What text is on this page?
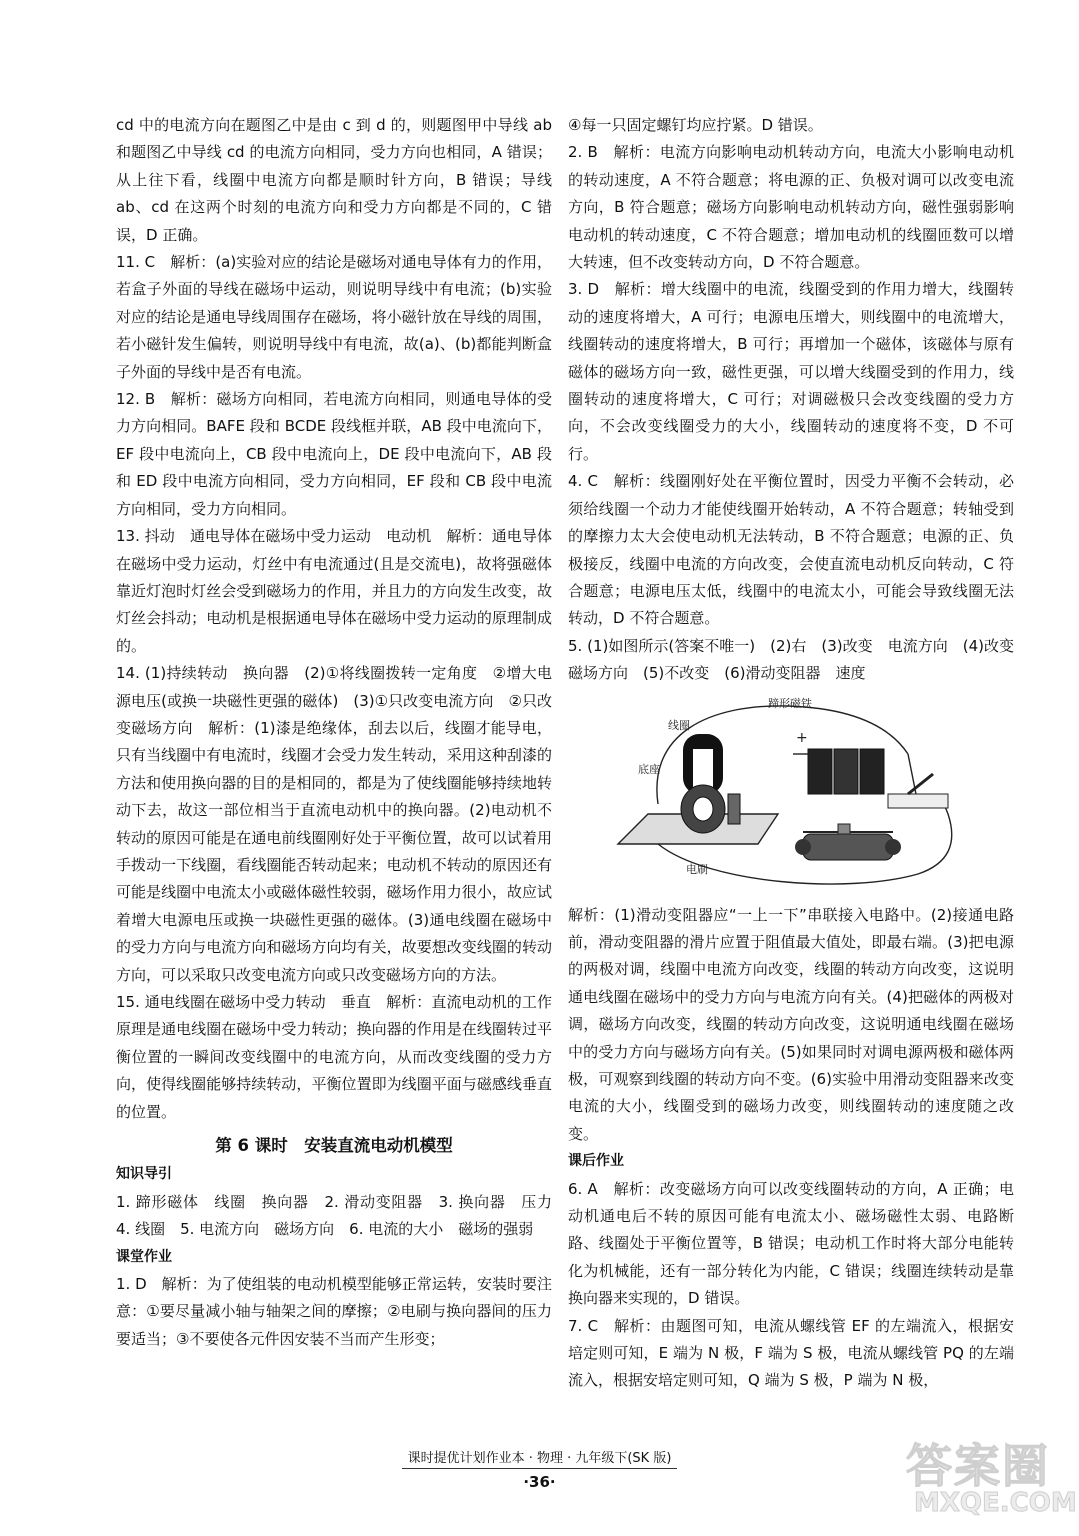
cd 中的电流方向在题图乙中是由 c 到 d 的，则题图甲中导线 ab 和题图乙中导线 cd 的电流方向相同，受力方向也相同，A 错误；从上往下看，线圈中电流方向都是顺时针方向，B 错误；导线 ab、cd 在这两个时刻的电流方向和受力方向都是不同的，C 错误，D 正确。

11. C　解析：(a)实验对应的结论是磁场对通电导体有力的作用，若盒子外面的导线在磁场中运动，则说明导线中有电流；(b)实验对应的结论是通电导线周围存在磁场，将小磁针放在导线的周围，若小磁针发生偏转，则说明导线中有电流，故(a)、(b)都能判断盒子外面的导线中是否有电流。

12. B　解析：磁场方向相同，若电流方向相同，则通电导体的受力方向相同。BAFE 段和 BCDE 段线框并联，AB 段中电流向下，EF 段中电流向上，CB 段中电流向上，DE 段中电流向下，AB 段和 ED 段中电流方向相同，受力方向相同，EF 段和 CB 段中电流方向相同，受力方向相同。

13. 抖动　通电导体在磁场中受力运动　电动机　解析：通电导体在磁场中受力运动，灯丝中有电流通过(且是交流电)，故将强磁体靠近灯泡时灯丝会受到磁场力的作用，并且力的方向发生改变，故灯丝会抖动；电动机是根据通电导体在磁场中受力运动的原理制成的。

14. (1)持续转动　换向器　(2)①将线圈拨转一定角度　②增大电源电压(或换一块磁性更强的磁体)　(3)①只改变电流方向　②只改变磁场方向　解析：(1)漆是绝缘体，刮去以后，线圈才能导电，只有当线圈中有电流时，线圈才会受力发生转动，采用这种刮漆的方法和使用换向器的目的是相同的，都是为了使线圈能够持续地转动下去，故这一部位相当于直流电动机中的换向器。(2)电动机不转动的原因可能是在通电前线圈刚好处于平衡位置，故可以试着用手拨动一下线圈，看线圈能否转动起来；电动机不转动的原因还有可能是线圈中电流太小或磁体磁性较弱，磁场作用力很小，故应试着增大电源电压或换一块磁性更强的磁体。(3)通电线圈在磁场中的受力方向与电流方向和磁场方向均有关，故要想改变线圈的转动方向，可以采取只改变电流方向或只改变磁场方向的方法。

15. 通电线圈在磁场中受力转动　垂直　解析：直流电动机的工作原理是通电线圈在磁场中受力转动；换向器的作用是在线圈转过平衡位置的一瞬间改变线圈中的电流方向，从而改变线圈的受力方向，使得线圈能够持续转动，平衡位置即为线圈平面与磁感线垂直的位置。

第 6 课时　安装直流电动机模型
知识导引

1. 蹄形磁体　线圈　换向器　2. 滑动变阻器　3. 换向器　压力　4. 线圈　5. 电流方向　磁场方向　6. 电流的大小　磁场的强弱

课堂作业

1. D　解析：为了使组装的电动机模型能够正常运转，安装时要注意：①要尽量减小轴与轴架之间的摩擦；②电刷与换向器间的压力要适当；③不要使各元件因安装不当而产生形变；

④每一只固定螺钉均应拧紧。D 错误。

2. B　解析：电流方向影响电动机转动方向，电流大小影响电动机的转动速度，A 不符合题意；将电源的正、负极对调可以改变电流方向，B 符合题意；磁场方向影响电动机转动方向，磁性强弱影响电动机的转动速度，C 不符合题意；增加电动机的线圈匝数可以增大转速，但不改变转动方向，D 不符合题意。

3. D　解析：增大线圈中的电流，线圈受到的作用力增大，线圈转动的速度将增大，A 可行；电源电压增大，则线圈中的电流增大，线圈转动的速度将增大，B 可行；再增加一个磁体，该磁体与原有磁体的磁场方向一致，磁性更强，可以增大线圈受到的作用力，线圈转动的速度将增大，C 可行；对调磁极只会改变线圈的受力方向，不会改变线圈受力的大小，线圈转动的速度将不变，D 不可行。

4. C　解析：线圈刚好处在平衡位置时，因受力平衡不会转动，必须给线圈一个动力才能使线圈开始转动，A 不符合题意；转轴受到的摩擦力太大会使电动机无法转动，B 不符合题意；电源的正、负极接反，线圈中电流的方向改变，会使直流电动机反向转动，C 符合题意；电源电压太低，线圈中的电流太小，可能会导致线圈无法转动，D 不符合题意。

5. (1)如图所示(答案不唯一)　(2)右　(3)改变　电流方向　(4)改变　磁场方向　(5)不改变　(6)滑动变阻器　速度

蹄形磁铁
线圈
底座
电刷
+

解析：(1)滑动变阻器应“一上一下”串联接入电路中。(2)接通电路前，滑动变阻器的滑片应置于阻值最大值处，即最右端。(3)把电源的两极对调，线圈中电流方向改变，线圈的转动方向改变，这说明通电线圈在磁场中的受力方向与电流方向有关。(4)把磁体的两极对调，磁场方向改变，线圈的转动方向改变，这说明通电线圈在磁场中的受力方向与磁场方向有关。(5)如果同时对调电源两极和磁体两极，可观察到线圈的转动方向不变。(6)实验中用滑动变阻器来改变电流的大小，线圈受到的磁场力改变，则线圈转动的速度随之改变。

课后作业

6. A　解析：改变磁场方向可以改变线圈转动的方向，A 正确；电动机通电后不转的原因可能有电流太小、磁场磁性太弱、电路断路、线圈处于平衡位置等，B 错误；电动机工作时将大部分电能转化为机械能，还有一部分转化为内能，C 错误；线圈连续转动是靠换向器来实现的，D 错误。

7. C　解析：由题图可知，电流从螺线管 EF 的左端流入，根据安培定则可知，E 端为 N 极，F 端为 S 极，电流从螺线管 PQ 的左端流入，根据安培定则可知，Q 端为 S 极，P 端为 N 极，

课时提优计划作业本 · 物理 · 九年级下(SK 版)
·36·	答案圈
MXQE.COM
